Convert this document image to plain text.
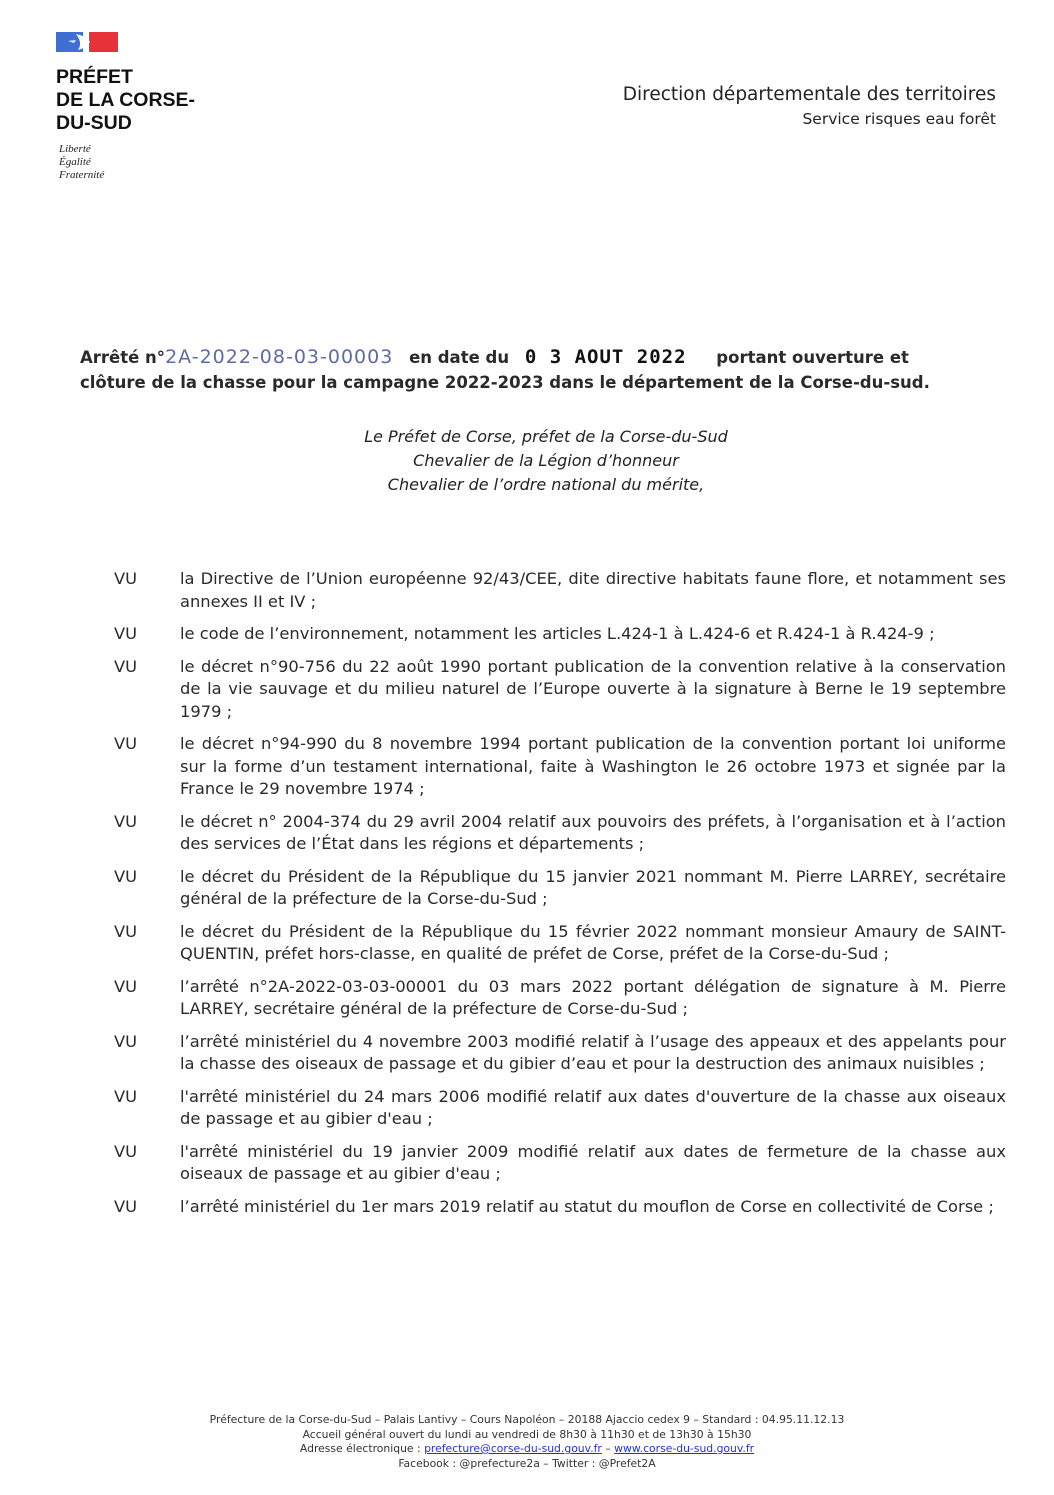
PRÉFET
DE LA CORSE-
DU-SUD
Liberté
Égalité
Fraternité
Direction départementale des territoires
Service risques eau forêt
Arrêté n°2A-2022-08-03-00003 en date du 0 3 AOUT 2022 portant ouverture et
clôture de la chasse pour la campagne 2022-2023 dans le département de la Corse-du-sud.
Le Préfet de Corse, préfet de la Corse-du-Sud
Chevalier de la Légion d’honneur
Chevalier de l’ordre national du mérite,
VU	la Directive de l’Union européenne 92/43/CEE, dite directive habitats faune flore, et notamment ses annexes II et IV ;
VU	le code de l’environnement, notamment les articles L.424-1 à L.424-6 et R.424-1 à R.424-9 ;
VU	le décret n°90-756 du 22 août 1990 portant publication de la convention relative à la conservation de la vie sauvage et du milieu naturel de l’Europe ouverte à la signature à Berne le 19 septembre 1979 ;
VU	le décret n°94-990 du 8 novembre 1994 portant publication de la convention portant loi uniforme sur la forme d’un testament international, faite à Washington le 26 octobre 1973 et signée par la France le 29 novembre 1974 ;
VU	le décret n° 2004-374 du 29 avril 2004 relatif aux pouvoirs des préfets, à l’organisation et à l’action des services de l’État dans les régions et départements ;
VU	le décret du Président de la République du 15 janvier 2021 nommant M. Pierre LARREY, secrétaire général de la préfecture de la Corse-du-Sud ;
VU	le décret du Président de la République du 15 février 2022 nommant monsieur Amaury de SAINT-QUENTIN, préfet hors-classe, en qualité de préfet de Corse, préfet de la Corse-du-Sud ;
VU	l’arrêté n°2A-2022-03-03-00001 du 03 mars 2022 portant délégation de signature à M. Pierre LARREY, secrétaire général de la préfecture de Corse-du-Sud ;
VU	l’arrêté ministériel du 4 novembre 2003 modifié relatif à l’usage des appeaux et des appelants pour la chasse des oiseaux de passage et du gibier d’eau et pour la destruction des animaux nuisibles ;
VU	l'arrêté ministériel du 24 mars 2006 modifié relatif aux dates d'ouverture de la chasse aux oiseaux de passage et au gibier d'eau ;
VU	l'arrêté ministériel du 19 janvier 2009 modifié relatif aux dates de fermeture de la chasse aux oiseaux de passage et au gibier d'eau ;
VU	l’arrêté ministériel du 1er mars 2019 relatif au statut du mouflon de Corse en collectivité de Corse ;
Préfecture de la Corse-du-Sud – Palais Lantivy – Cours Napoléon – 20188 Ajaccio cedex 9 – Standard : 04.95.11.12.13
Accueil général ouvert du lundi au vendredi de 8h30 à 11h30 et de 13h30 à 15h30
Adresse électronique : prefecture@corse-du-sud.gouv.fr – www.corse-du-sud.gouv.fr
Facebook : @prefecture2a – Twitter : @Prefet2A
